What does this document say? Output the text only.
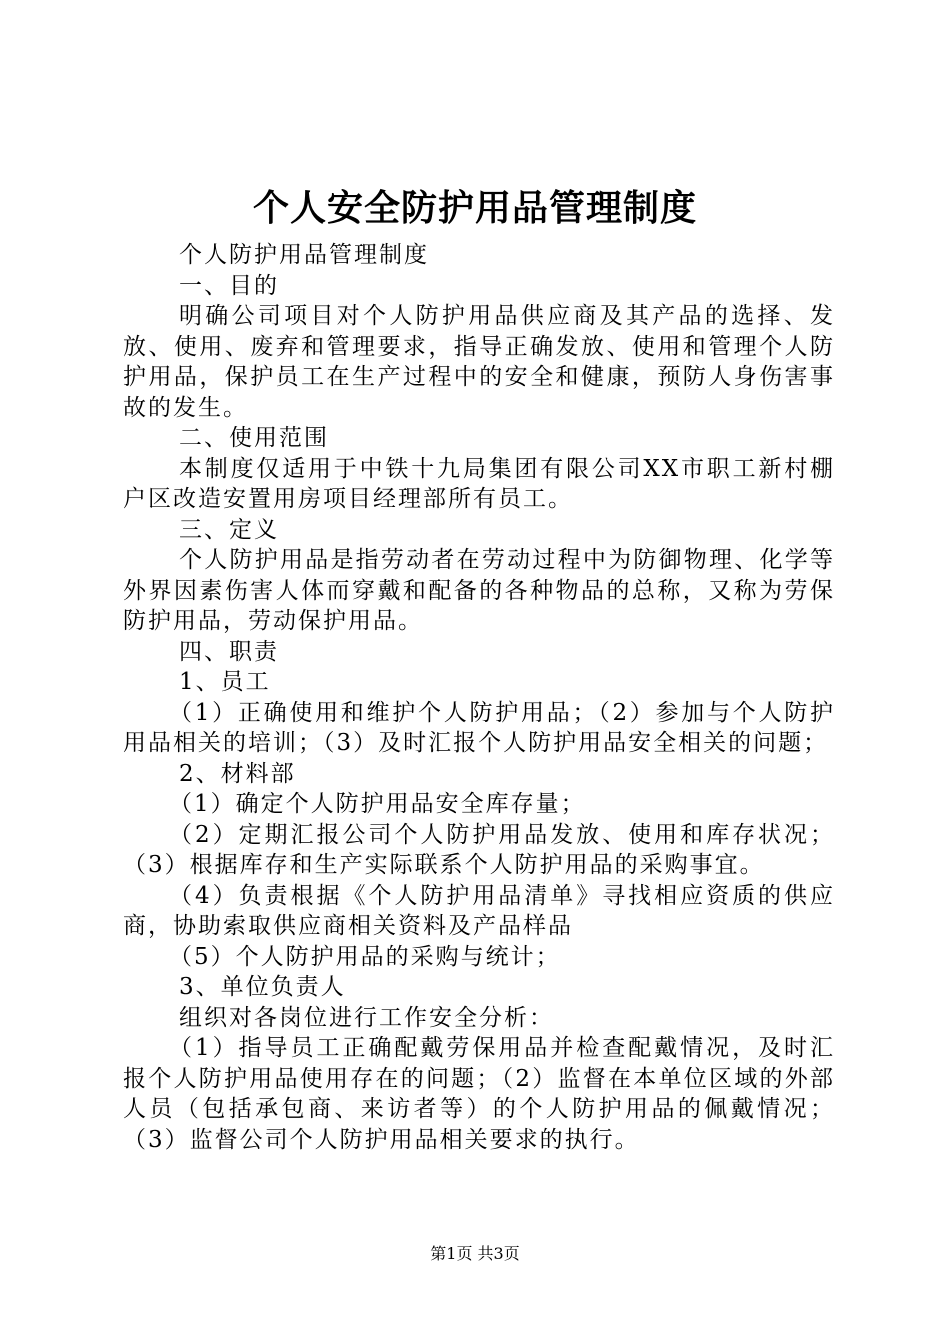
个人安全防护用品管理制度

个人防护用品管理制度

一、目的

明确公司项目对个人防护用品供应商及其产品的选择、发放、使用、废弃和管理要求，指导正确发放、使用和管理个人防护用品，保护员工在生产过程中的安全和健康，预防人身伤害事故的发生。

二、使用范围

本制度仅适用于中铁十九局集团有限公司XX市职工新村棚户区改造安置用房项目经理部所有员工。

三、定义

个人防护用品是指劳动者在劳动过程中为防御物理、化学等外界因素伤害人体而穿戴和配备的各种物品的总称，又称为劳保防护用品，劳动保护用品。

四、职责

1、员工

（1）正确使用和维护个人防护用品；（2）参加与个人防护用品相关的培训；（3）及时汇报个人防护用品安全相关的问题；

2、材料部

（1）确定个人防护用品安全库存量；

（2）定期汇报公司个人防护用品发放、使用和库存状况；（3）根据库存和生产实际联系个人防护用品的采购事宜。

（4）负责根据《个人防护用品清单》寻找相应资质的供应商，协助索取供应商相关资料及产品样品

（5）个人防护用品的采购与统计；

3、单位负责人

组织对各岗位进行工作安全分析：

（1）指导员工正确配戴劳保用品并检查配戴情况，及时汇报个人防护用品使用存在的问题；（2）监督在本单位区域的外部人员（包括承包商、来访者等）的个人防护用品的佩戴情况；（3）监督公司个人防护用品相关要求的执行。

第1页 共3页
